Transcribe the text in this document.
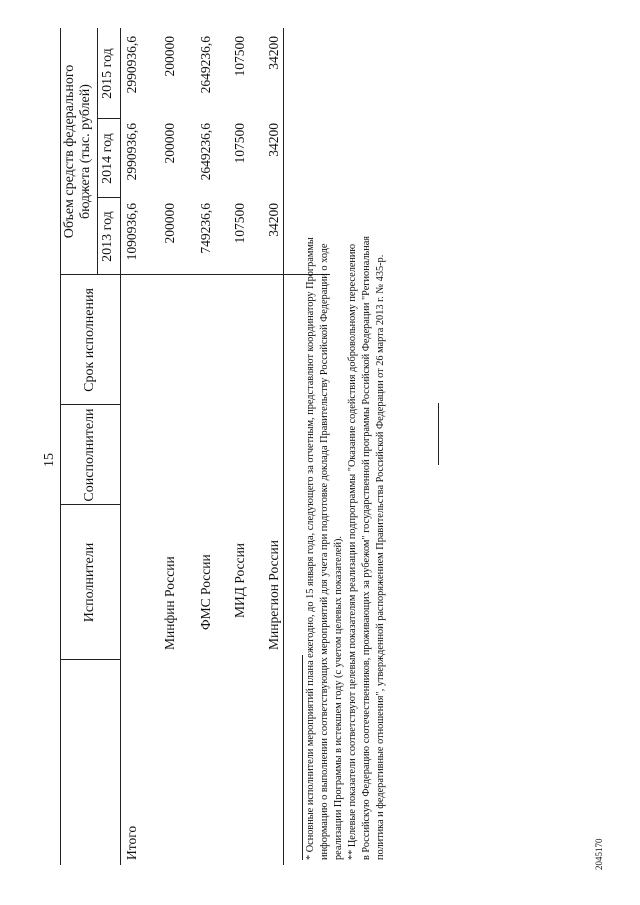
15
Исполнители
Соисполнители
Срок исполнения
Объем средств федерального бюджета (тыс. рублей)
2013 год
2014 год
2015 год
Итого
1090936,6
2990936,6
2990936,6
Минфин России
200000
200000
200000
ФМС России
749236,6
2649236,6
2649236,6
МИД России
107500
107500
107500
Минрегион России
34200
34200
34200
* Основные исполнители мероприятий плана ежегодно, до 15 января года, следующего за отчетным, представляют координатору Программы информацию о выполнении соответствующих мероприятий для учета при подготовке доклада Правительству Российской Федерации о ходе реализации Программы в истекшем году (с учетом целевых показателей). ** Целевые показатели соответствуют целевым показателям реализации подпрограммы "Оказание содействия добровольному переселению в Российскую Федерацию соотечественников, проживающих за рубежом" государственной программы Российской Федерации "Региональная политика и федеративные отношения", утвержденной распоряжением Правительства Российской Федерации от 26 марта 2013 г. № 435-р.	2045170
